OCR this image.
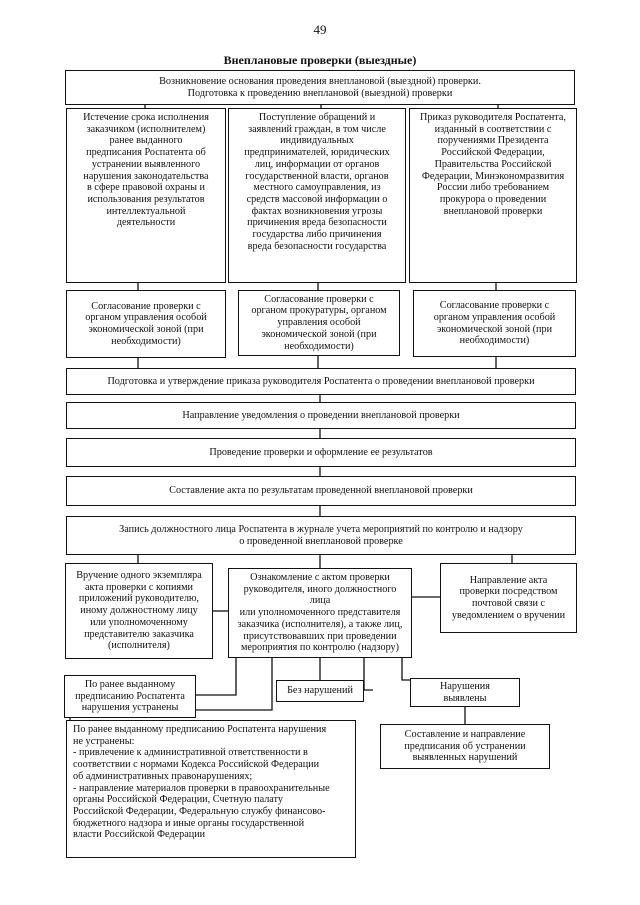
49
Внеплановые проверки (выездные)
Возникновение основания проведения внеплановой (выездной) проверки.
Подготовка к проведению внеплановой (выездной) проверки
Истечение срока исполнения
заказчиком (исполнителем)
ранее выданного
предписания Роспатента об
устранении выявленного
нарушения законодательства
в сфере правовой охраны и
использования результатов
интеллектуальной
деятельности
Поступление обращений и
заявлений граждан, в том числе
индивидуальных
предпринимателей, юридических
лиц, информации от органов
государственной власти, органов
местного самоуправления, из
средств массовой информации о
фактах возникновения угрозы
причинения вреда безопасности
государства либо причинения
вреда безопасности государства
Приказ руководителя Роспатента,
изданный в соответствии с
поручениями Президента
Российской Федерации,
Правительства Российской
Федерации, Минэкономразвития
России либо требованием
прокурора о проведении
внеплановой проверки
Согласование проверки с
органом управления особой
экономической зоной (при
необходимости)
Согласование проверки с
органом прокуратуры, органом
управления особой
экономической зоной (при
необходимости)
Согласование проверки с
органом управления особой
экономической зоной (при
необходимости)
Подготовка и утверждение приказа руководителя Роспатента о проведении внеплановой проверки
Направление уведомления о проведении внеплановой проверки
Проведение проверки и оформление ее результатов
Составление акта по результатам проведенной внеплановой проверки
Запись должностного лица Роспатента в журнале учета мероприятий по контролю и надзору
о проведенной внеплановой проверке
Вручение одного экземпляра
акта проверки с копиями
приложений руководителю,
иному должностному лицу
или уполномоченному
представителю заказчика
(исполнителя)
Ознакомление с актом проверки
руководителя, иного должностного лица
или уполномоченного представителя
заказчика (исполнителя), а также лиц,
присутствовавших при проведении
мероприятия по контролю (надзору)
Направление акта
проверки посредством
почтовой связи с
уведомлением о вручении
По ранее выданному
предписанию Роспатента
нарушения устранены
Без нарушений	Нарушения
выявлены
По ранее выданному предписанию Роспатента нарушения
не устранены:
- привлечение к административной ответственности в
соответствии с нормами Кодекса Российской Федерации
об административных правонарушениях;
- направление материалов проверки в правоохранительные
органы Российской Федерации, Счетную палату
Российской Федерации, Федеральную службу финансово-
бюджетного надзора и иные органы государственной
власти Российской Федерации
Составление и направление
предписания об устранении
выявленных нарушений
